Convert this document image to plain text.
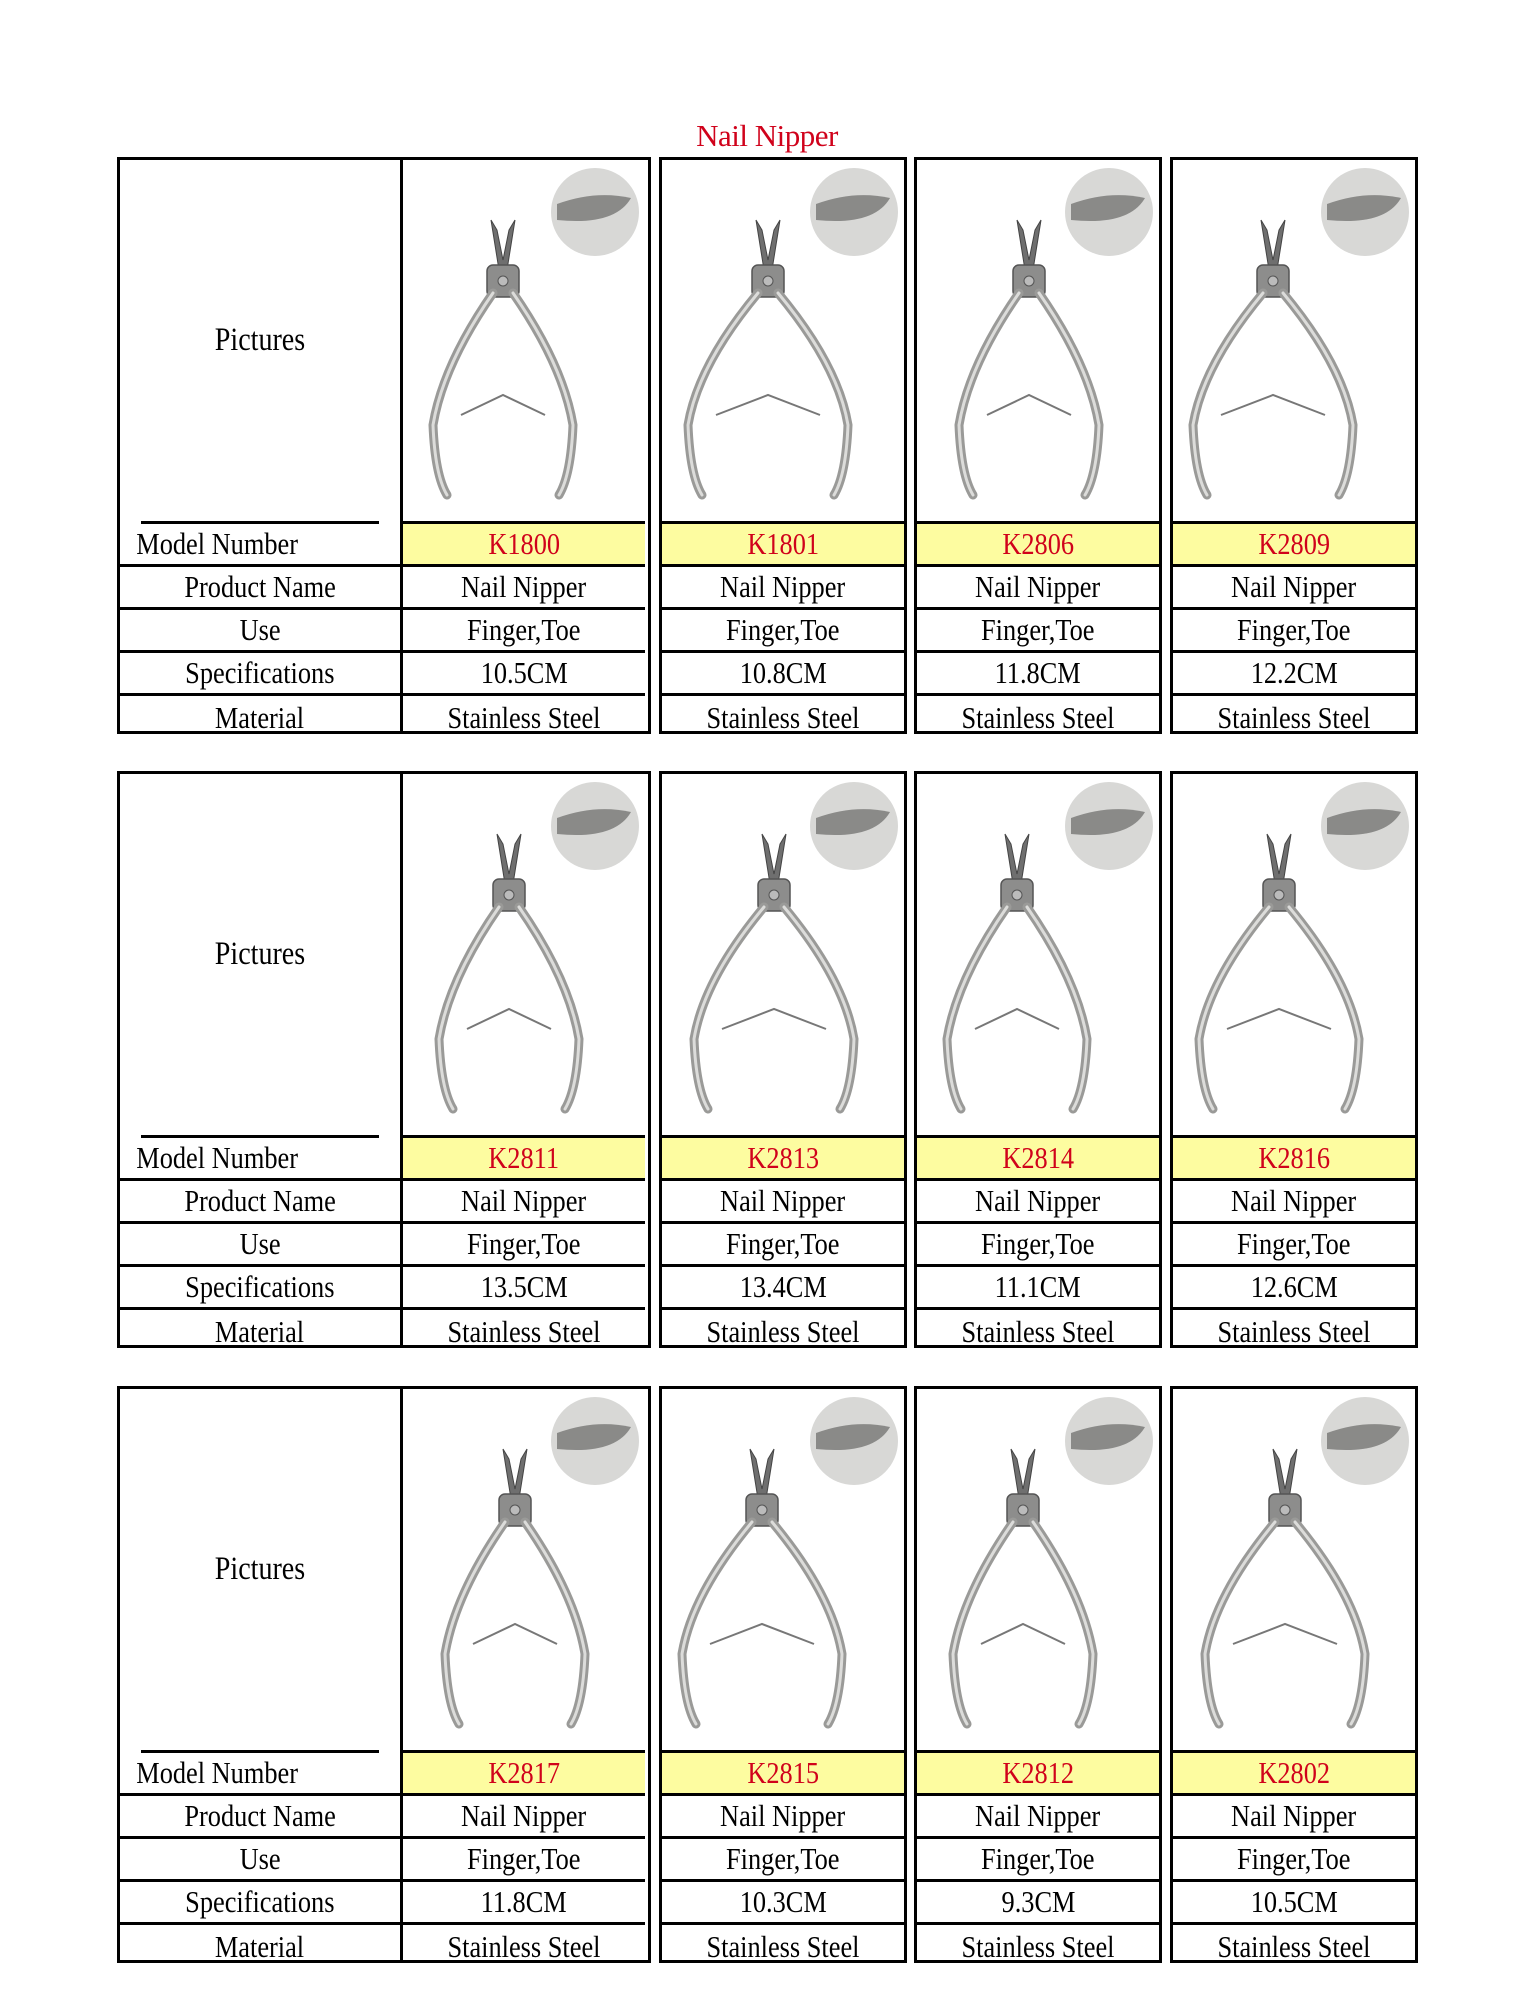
Nail Nipper
Pictures
Model Number
Product Name
Use
Specifications
Material
K1800
Nail Nipper
Finger,Toe
10.5CM
Stainless Steel
K1801
Nail Nipper
Finger,Toe
10.8CM
Stainless Steel
K2806
Nail Nipper
Finger,Toe
11.8CM
Stainless Steel
K2809
Nail Nipper
Finger,Toe
12.2CM
Stainless Steel
Pictures
Model Number
Product Name
Use
Specifications
Material
K2811
Nail Nipper
Finger,Toe
13.5CM
Stainless Steel
K2813
Nail Nipper
Finger,Toe
13.4CM
Stainless Steel
K2814
Nail Nipper
Finger,Toe
11.1CM
Stainless Steel
K2816
Nail Nipper
Finger,Toe
12.6CM
Stainless Steel
Pictures
Model Number
Product Name
Use
Specifications
Material
K2817
Nail Nipper
Finger,Toe
11.8CM
Stainless Steel
K2815
Nail Nipper
Finger,Toe
10.3CM
Stainless Steel
K2812
Nail Nipper
Finger,Toe
9.3CM
Stainless Steel
K2802
Nail Nipper
Finger,Toe
10.5CM
Stainless Steel
